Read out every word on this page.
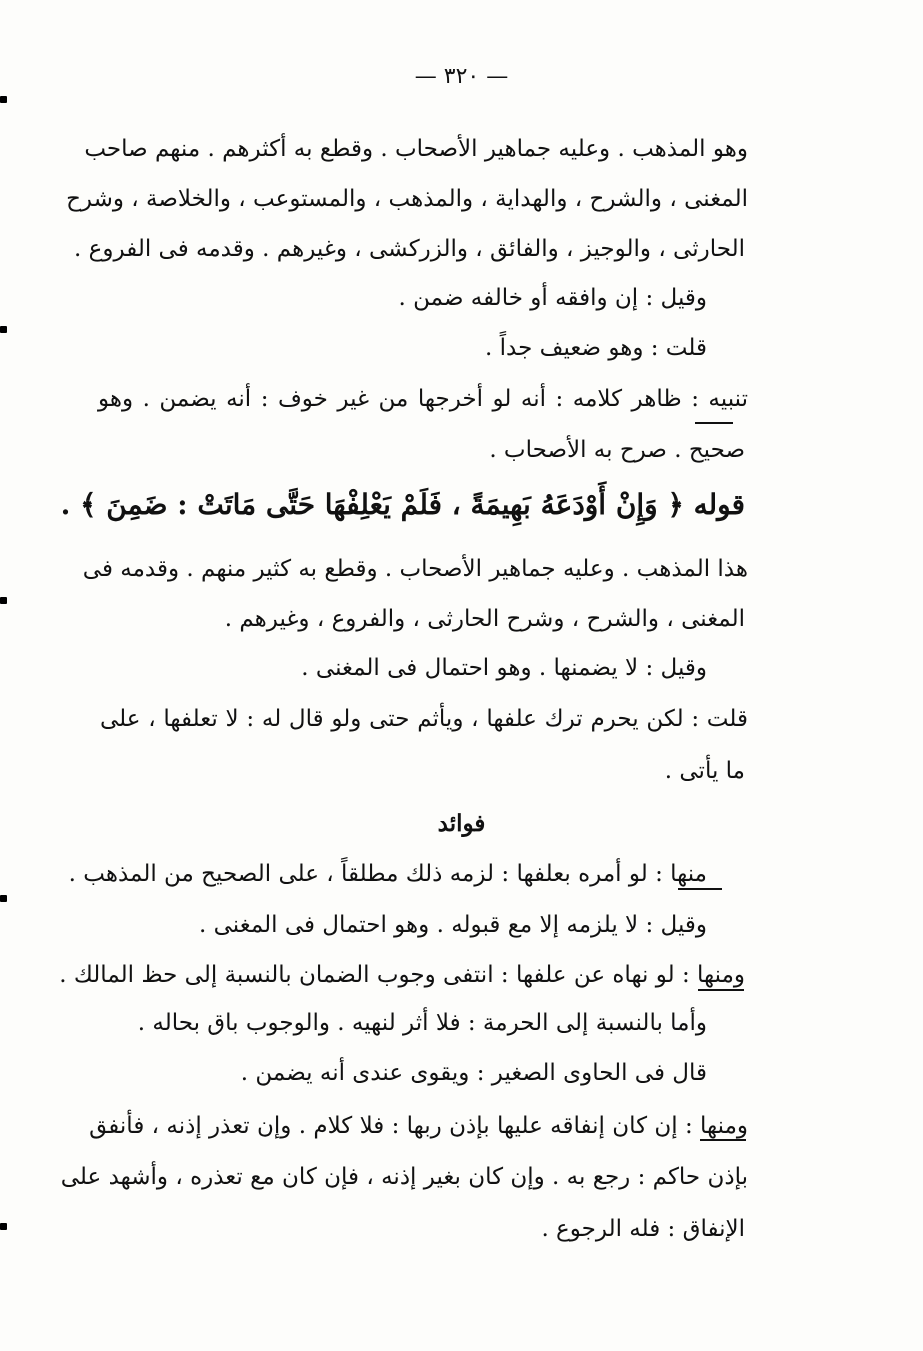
— ٣٢٠ —
وهو المذهب . وعليه جماهير الأصحاب . وقطع به أكثرهم . منهم صاحب
المغنى ، والشرح ، والهداية ، والمذهب ، والمستوعب ، والخلاصة ، وشرح
الحارثى ، والوجيز ، والفائق ، والزركشى ، وغيرهم . وقدمه فى الفروع .
وقيل : إن وافقه أو خالفه ضمن .
قلت : وهو ضعيف جداً .
تنبيه : ظاهر كلامه : أنه لو أخرجها من غير خوف : أنه يضمن . وهو
صحيح . صرح به الأصحاب .
قوله ﴿ وَإِنْ أَوْدَعَهُ بَهِيمَةً ، فَلَمْ يَعْلِفْهَا حَتَّى مَاتَتْ : ضَمِنَ ﴾ .
هذا المذهب . وعليه جماهير الأصحاب . وقطع به كثير منهم . وقدمه فى
المغنى ، والشرح ، وشرح الحارثى ، والفروع ، وغيرهم .
وقيل : لا يضمنها . وهو احتمال فى المغنى .
قلت : لكن يحرم ترك علفها ، ويأثم حتى ولو قال له : لا تعلفها ، على
ما يأتى .
فوائد
منها : لو أمره بعلفها : لزمه ذلك مطلقاً ، على الصحيح من المذهب .
وقيل : لا يلزمه إلا مع قبوله . وهو احتمال فى المغنى .
ومنها : لو نهاه عن علفها : انتفى وجوب الضمان بالنسبة إلى حظ المالك .
وأما بالنسبة إلى الحرمة : فلا أثر لنهيه . والوجوب باق بحاله .
قال فى الحاوى الصغير : ويقوى عندى أنه يضمن .
ومنها : إن كان إنفاقه عليها بإذن ربها : فلا كلام . وإن تعذر إذنه ، فأنفق
بإذن حاكم : رجع به . وإن كان بغير إذنه ، فإن كان مع تعذره ، وأشهد على
الإنفاق : فله الرجوع .
